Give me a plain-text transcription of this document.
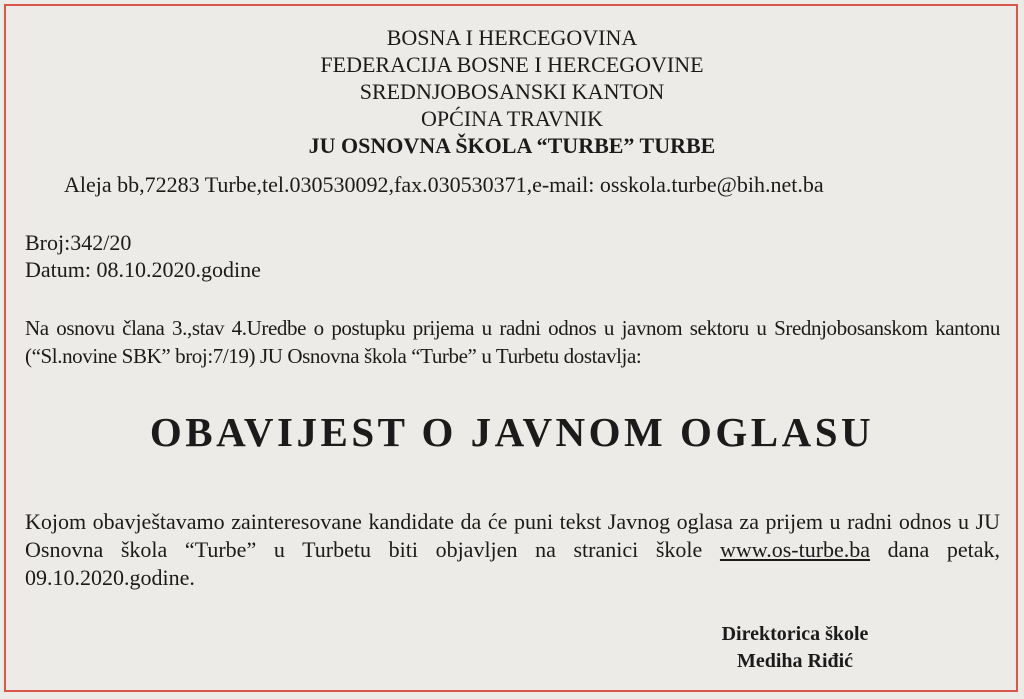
BOSNA I HERCEGOVINA
FEDERACIJA BOSNE I HERCEGOVINE
SREDNJOBOSANSKI KANTON
OPĆINA TRAVNIK
JU OSNOVNA ŠKOLA “TURBE” TURBE
Aleja bb,72283 Turbe,tel.030530092,fax.030530371,e-mail: osskola.turbe@bih.net.ba
Broj:342/20
Datum: 08.10.2020.godine
Na osnovu člana 3.,stav 4.Uredbe o postupku prijema u radni odnos u javnom sektoru u Srednjobosanskom kantonu (“Sl.novine SBK” broj:7/19) JU Osnovna škola “Turbe” u Turbetu dostavlja:
OBAVIJEST O JAVNOM OGLASU
Kojom obavještavamo zainteresovane kandidate da će puni tekst Javnog oglasa za prijem u radni odnos u JU Osnovna škola “Turbe” u Turbetu biti objavljen na stranici škole www.os-turbe.ba dana petak, 09.10.2020.godine.
Direktorica škole
Mediha Riđić
